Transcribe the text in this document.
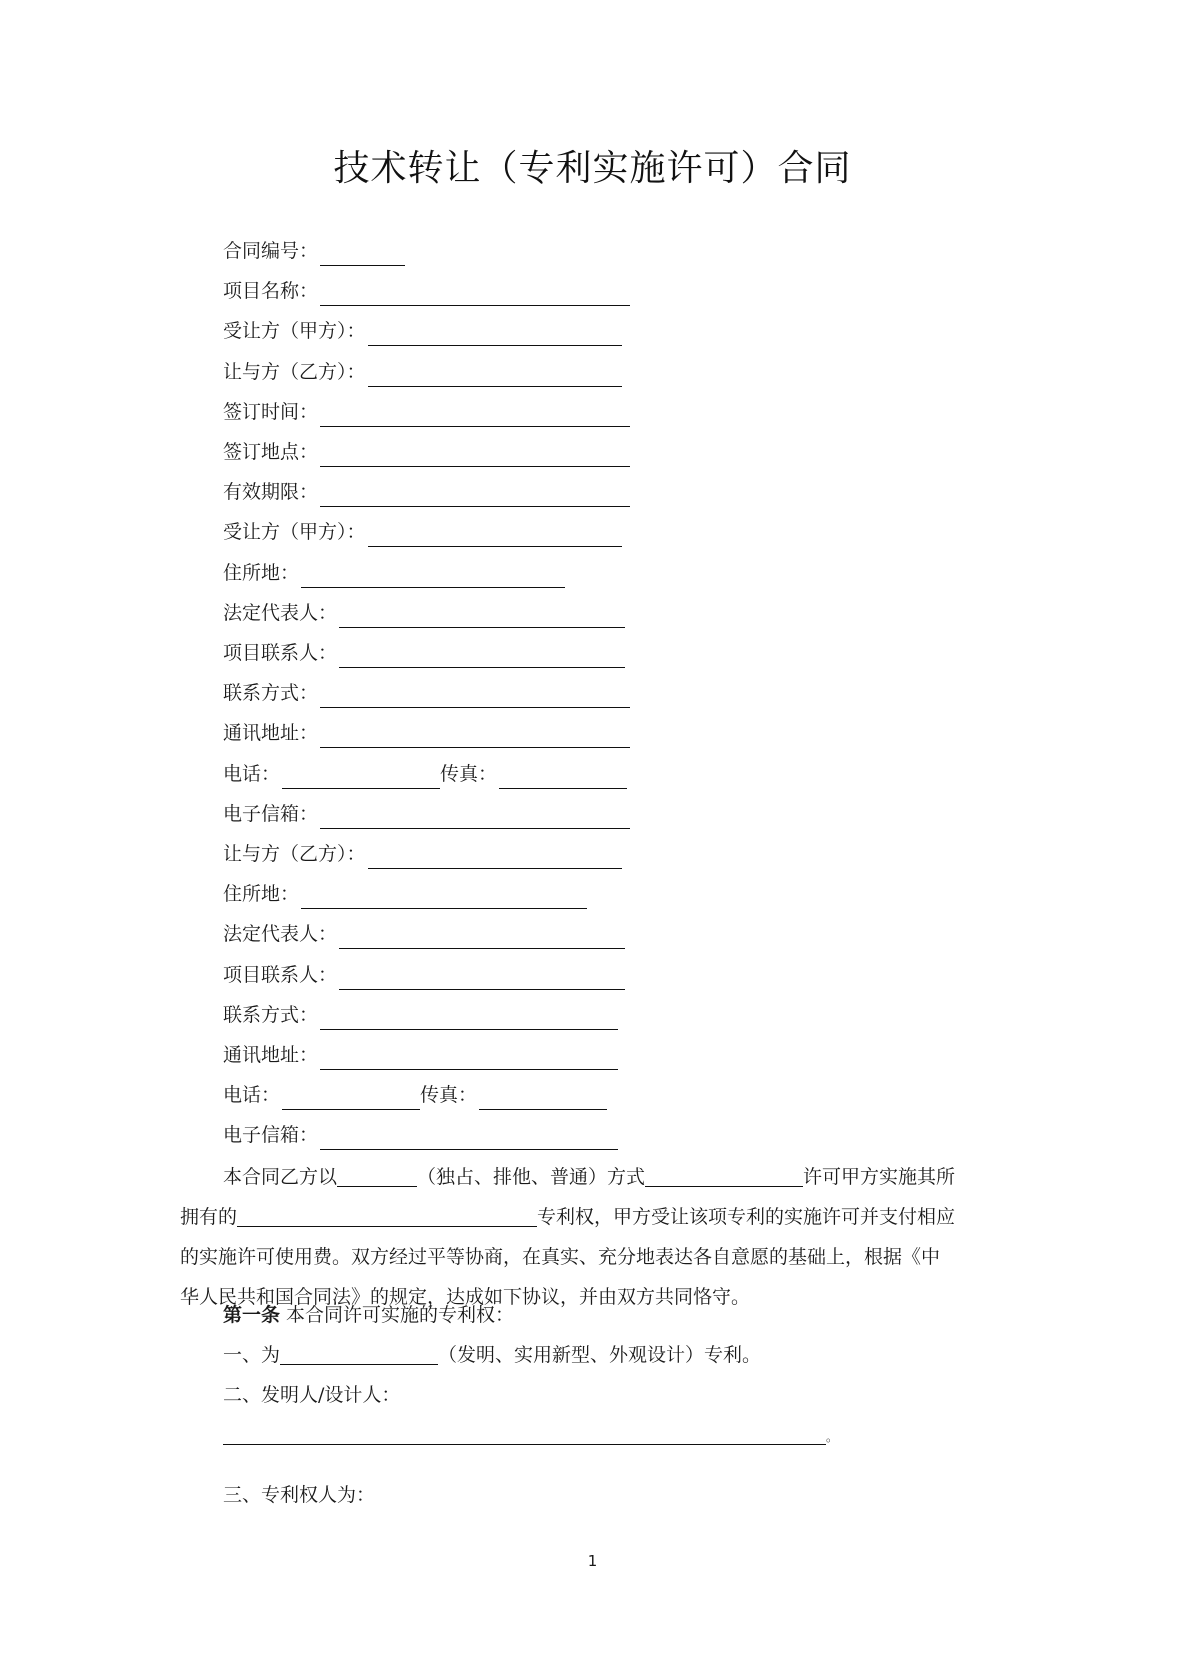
技术转让（专利实施许可）合同
合同编号：
项目名称：
受让方（甲方）：
让与方（乙方）：
签订时间：
签订地点：
有效期限：
受让方（甲方）：
住所地：
法定代表人：
项目联系人：
联系方式：
通讯地址：
电话：	传真：
电子信箱：
让与方（乙方）：
住所地：
法定代表人：
项目联系人：
联系方式：
通讯地址：
电话：	传真：
电子信箱：
本合同乙方以	（独占、排他、普通）方式	许可甲方实施其所
拥有的	专利权，甲方受让该项专利的实施许可并支付相应
的实施许可使用费。双方经过平等协商，在真实、充分地表达各自意愿的基础上，根据《中
华人民共和国合同法》的规定，达成如下协议，并由双方共同恪守。
第一条 本合同许可实施的专利权：
一、为	（发明、实用新型、外观设计）专利。
二、发明人/设计人：
。
三、专利权人为：
1
